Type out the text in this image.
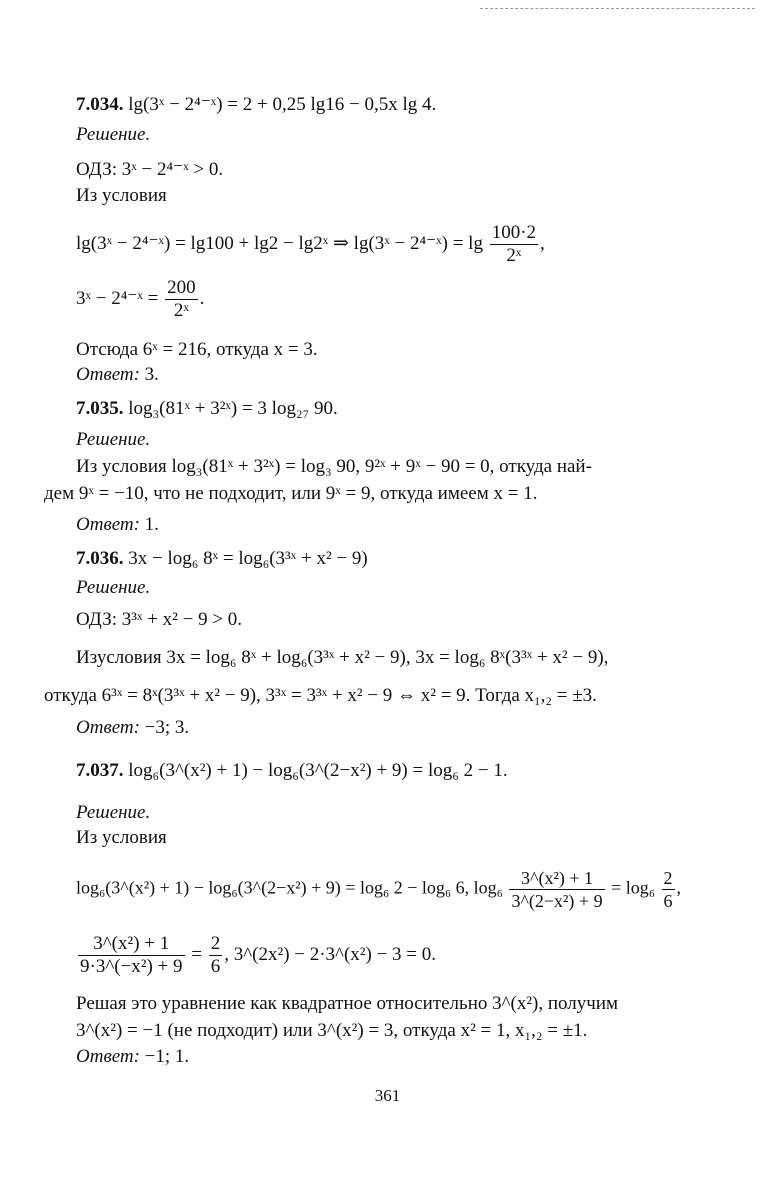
7.034. lg(3ˣ − 2⁴⁻ˣ) = 2 + 0,25 lg16 − 0,5x lg 4.
Решение.
ОДЗ: 3ˣ − 2⁴⁻ˣ > 0.
Из условия
lg(3ˣ − 2⁴⁻ˣ) = lg100 + lg2 − lg2ˣ ⇒ lg(3ˣ − 2⁴⁻ˣ) = $\lg \frac{100\cdot 2}{\text{2ˣ}}$ ,
3ˣ − 2⁴⁻ˣ = $\frac{200}{\text{2ˣ}}$ .
Отсюда 6ˣ = 216, откуда x = 3.
Ответ: 3.
7.035. log₃(81ˣ + 3²ˣ) = 3 log₂₇ 90.
Решение.
Из условия log₃(81ˣ + 3²ˣ) = log₃ 90, 9²ˣ + 9ˣ − 90 = 0, откуда най-
дем 9ˣ = −10, что не подходит, или 9ˣ = 9, откуда имеем x = 1.
Ответ: 1.
7.036. 3x − log₆ 8ˣ = log₆(3³ˣ + x² − 9)
Решение.
ОДЗ: 3³ˣ + x² − 9 > 0.
Изусловия 3x = log₆ 8ˣ + log₆(3³ˣ + x² − 9), 3x = log₆ 8ˣ(3³ˣ + x² − 9),
откуда 6³ˣ = 8ˣ(3³ˣ + x² − 9), 3³ˣ = 3³ˣ + x² − 9 ⇔ x² = 9. Тогда x₁,₂ = ±3.
Ответ: −3; 3.
7.037. log₆(3^(x²) + 1) − log₆(3^(2−x²) + 9) = log₆ 2 − 1.
Решение.
Из условия
log₆(3^(x²) + 1) − log₆(3^(2−x²) + 9) = log₆ 2 − log₆ 6, $\log_6 \frac{\text{3\textasciicircum{}(x²) + 1}}{\text{3\textasciicircum{}(2−x²) + 9}} = \log_6 \frac{2}{6}$ ,
$\frac{\text{3\textasciicircum{}(x²) + 1}}{\text{9·3\textasciicircum{}(−x²) + 9}} = \frac{2}{6}$ , 3^(2x²) − 2·3^(x²) − 3 = 0.
Решая это уравнение как квадратное относительно 3^(x²), получим
3^(x²) = −1 (не подходит) или 3^(x²) = 3, откуда x² = 1, x₁,₂ = ±1.
Ответ: −1; 1.
361
